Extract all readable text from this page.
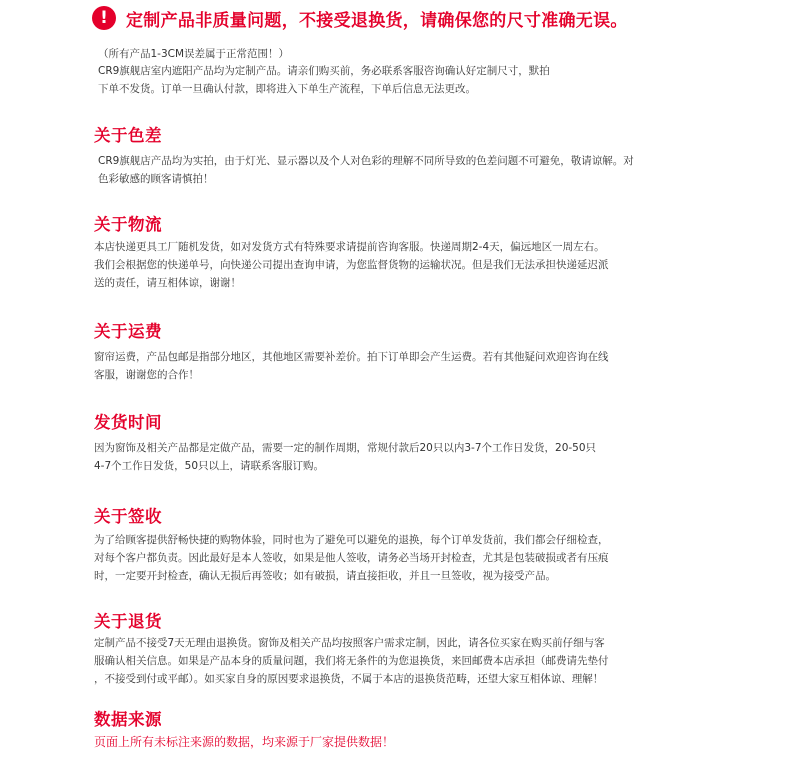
!	定制产品非质量问题，不接受退换货，请确保您的尺寸准确无误。
（所有产品1-3CM误差属于正常范围！）
CR9旗舰店室内遮阳产品均为定制产品。请亲们购买前，务必联系客服咨询确认好定制尺寸，默拍
下单不发货。订单一旦确认付款，即将进入下单生产流程，下单后信息无法更改。
关于色差
CR9旗舰店产品均为实拍，由于灯光、显示器以及个人对色彩的理解不同所导致的色差问题不可避免，敬请谅解。对
色彩敏感的顾客请慎拍！
关于物流
本店快递更具工厂随机发货，如对发货方式有特殊要求请提前咨询客服。快递周期2-4天，偏远地区一周左右。
我们会根据您的快递单号，向快递公司提出查询申请，为您监督货物的运输状况。但是我们无法承担快递延迟派
送的责任，请互相体谅，谢谢！
关于运费
窗帘运费，产品包邮是指部分地区，其他地区需要补差价。拍下订单即会产生运费。若有其他疑问欢迎咨询在线
客服，谢谢您的合作！
发货时间
因为窗饰及相关产品都是定做产品，需要一定的制作周期，常规付款后20只以内3-7个工作日发货，20-50只
4-7个工作日发货，50只以上，请联系客服订购。
关于签收
为了给顾客提供舒畅快捷的购物体验，同时也为了避免可以避免的退换，每个订单发货前，我们都会仔细检查，
对每个客户都负责。因此最好是本人签收，如果是他人签收，请务必当场开封检查，尤其是包装破损或者有压痕
时，一定要开封检查，确认无损后再签收；如有破损，请直接拒收，并且一旦签收，视为接受产品。
关于退货
定制产品不接受7天无理由退换货。窗饰及相关产品均按照客户需求定制，因此，请各位买家在购买前仔细与客
服确认相关信息。如果是产品本身的质量问题，我们将无条件的为您退换货，来回邮费本店承担（邮费请先垫付
，不接受到付或平邮）。如买家自身的原因要求退换货，不属于本店的退换货范畴，还望大家互相体谅、理解！
数据来源
页面上所有未标注来源的数据，均来源于厂家提供数据！
